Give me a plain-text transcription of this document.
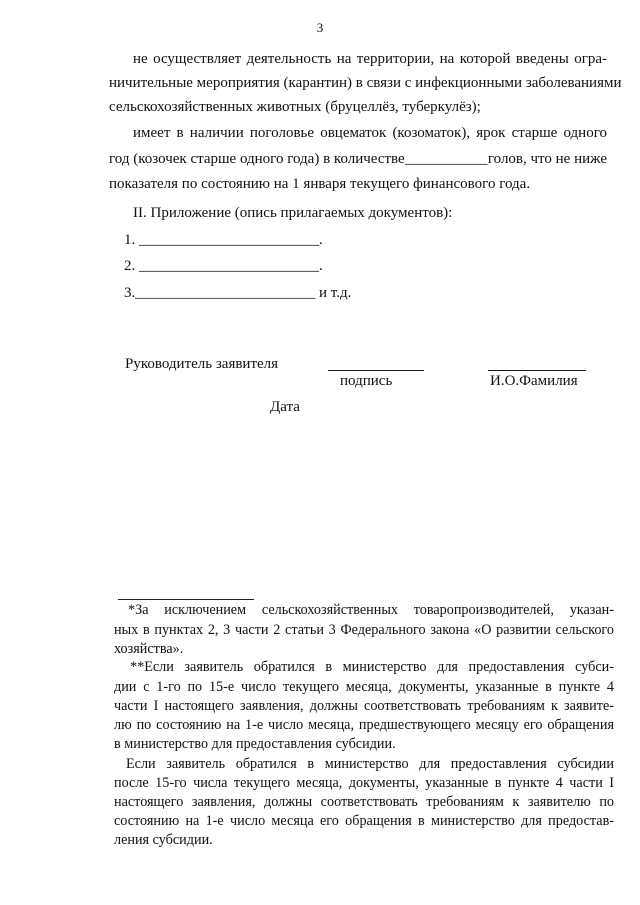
3
не осуществляет деятельность на территории, на которой введены огра-
ничительные мероприятия (карантин) в связи с инфекционными заболеваниями
сельскохозяйственных животных (бруцеллёз, туберкулёз);
имеет в наличии поголовье овцематок (козоматок), ярок старше одного
год (козочек старше одного года) в количестве ___________ голов, что не ниже
показателя по состоянию на 1 января текущего финансового года.
II. Приложение (опись прилагаемых документов):
1. ________________________.
2. ________________________.
3.________________________ и т.д.
Руководитель заявителя
подпись	И.О.Фамилия
Дата
*За исключением сельскохозяйственных товаропроизводителей, указан-
ных в пунктах 2, 3 части 2 статьи 3 Федерального закона «О развитии сельского
хозяйства».
**Если заявитель обратился в министерство для предоставления субси-
дии с 1-го по 15-е число текущего месяца, документы, указанные в пункте 4
части I настоящего заявления, должны соответствовать требованиям к заявите-
лю по состоянию на 1-е число месяца, предшествующего месяцу его обращения
в министерство для предоставления субсидии.
Если заявитель обратился в министерство для предоставления субсидии
после 15-го числа текущего месяца, документы, указанные в пункте 4 части I
настоящего заявления, должны соответствовать требованиям к заявителю по
состоянию на 1-е число месяца его обращения в министерство для предостав-
ления субсидии.
